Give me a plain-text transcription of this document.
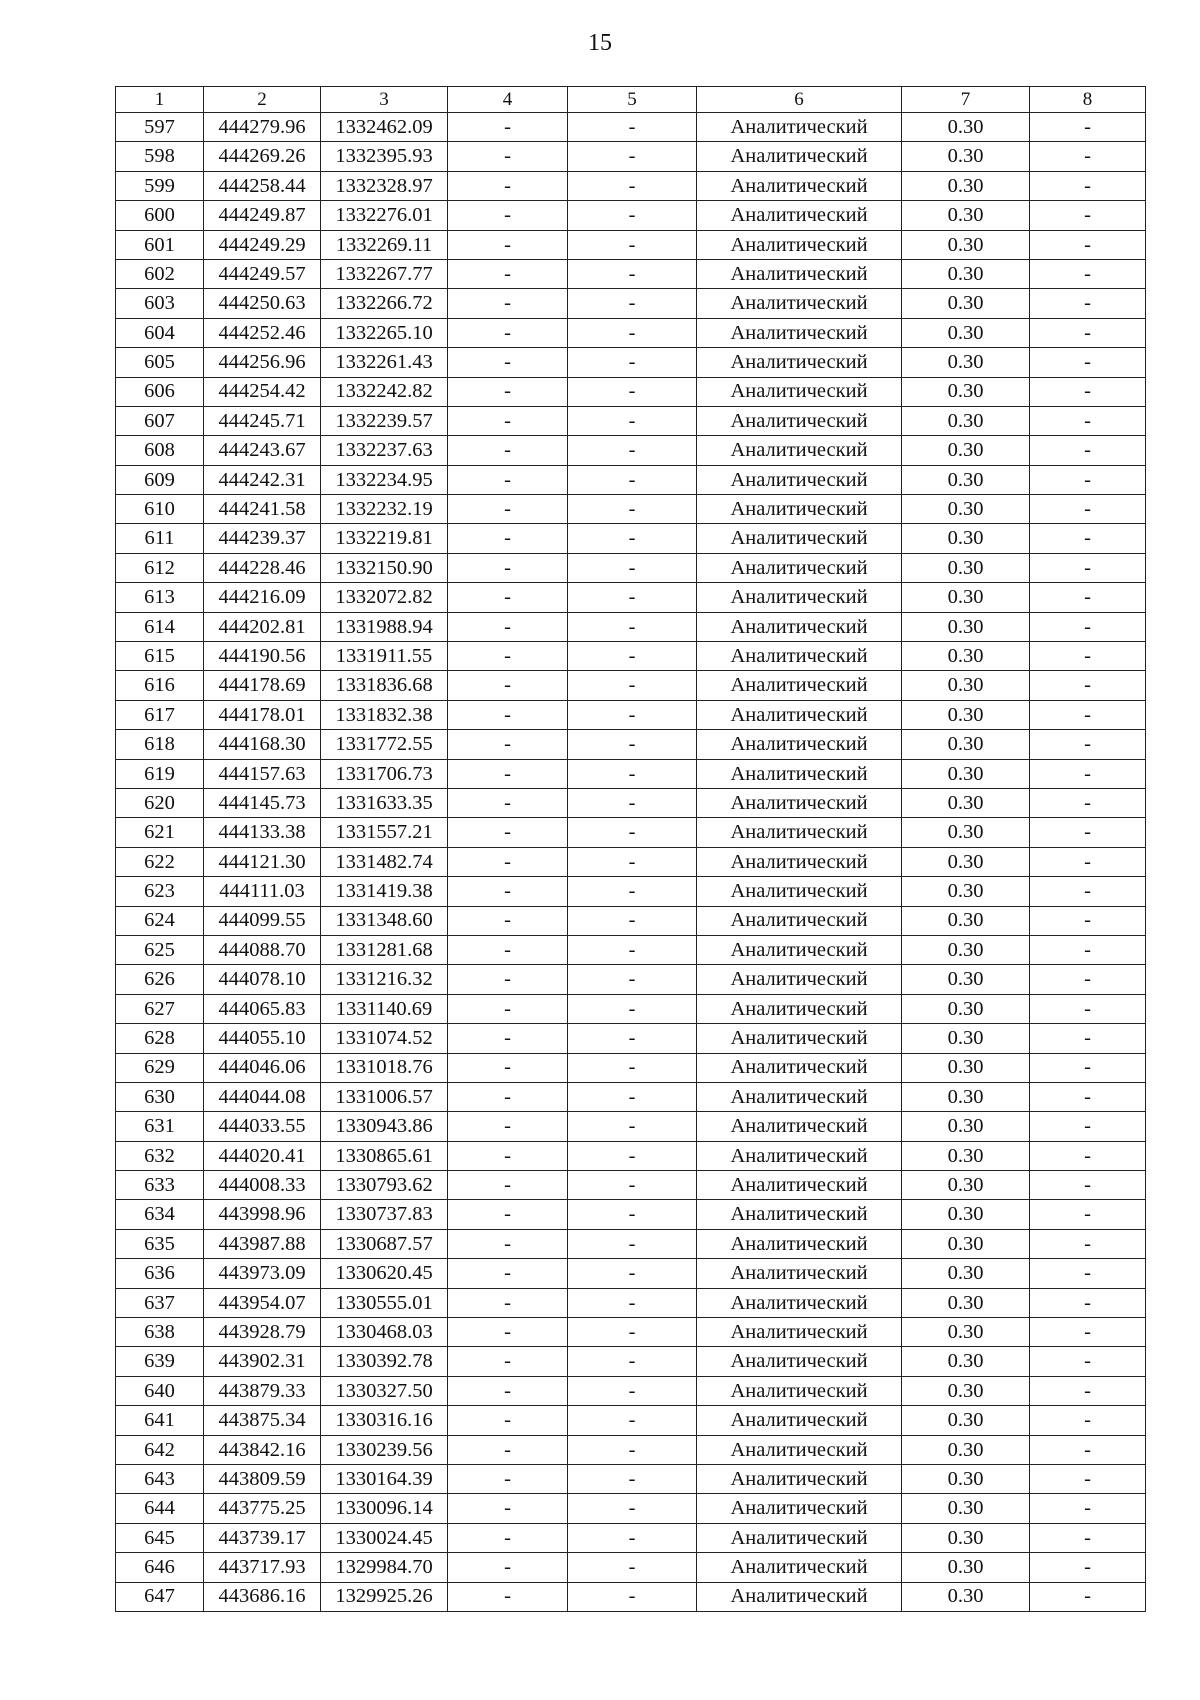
15
1	2	3	4	5	6	7	8
597	444279.96	1332462.09	-	-	Аналитический	0.30	-
598	444269.26	1332395.93	-	-	Аналитический	0.30	-
599	444258.44	1332328.97	-	-	Аналитический	0.30	-
600	444249.87	1332276.01	-	-	Аналитический	0.30	-
601	444249.29	1332269.11	-	-	Аналитический	0.30	-
602	444249.57	1332267.77	-	-	Аналитический	0.30	-
603	444250.63	1332266.72	-	-	Аналитический	0.30	-
604	444252.46	1332265.10	-	-	Аналитический	0.30	-
605	444256.96	1332261.43	-	-	Аналитический	0.30	-
606	444254.42	1332242.82	-	-	Аналитический	0.30	-
607	444245.71	1332239.57	-	-	Аналитический	0.30	-
608	444243.67	1332237.63	-	-	Аналитический	0.30	-
609	444242.31	1332234.95	-	-	Аналитический	0.30	-
610	444241.58	1332232.19	-	-	Аналитический	0.30	-
611	444239.37	1332219.81	-	-	Аналитический	0.30	-
612	444228.46	1332150.90	-	-	Аналитический	0.30	-
613	444216.09	1332072.82	-	-	Аналитический	0.30	-
614	444202.81	1331988.94	-	-	Аналитический	0.30	-
615	444190.56	1331911.55	-	-	Аналитический	0.30	-
616	444178.69	1331836.68	-	-	Аналитический	0.30	-
617	444178.01	1331832.38	-	-	Аналитический	0.30	-
618	444168.30	1331772.55	-	-	Аналитический	0.30	-
619	444157.63	1331706.73	-	-	Аналитический	0.30	-
620	444145.73	1331633.35	-	-	Аналитический	0.30	-
621	444133.38	1331557.21	-	-	Аналитический	0.30	-
622	444121.30	1331482.74	-	-	Аналитический	0.30	-
623	444111.03	1331419.38	-	-	Аналитический	0.30	-
624	444099.55	1331348.60	-	-	Аналитический	0.30	-
625	444088.70	1331281.68	-	-	Аналитический	0.30	-
626	444078.10	1331216.32	-	-	Аналитический	0.30	-
627	444065.83	1331140.69	-	-	Аналитический	0.30	-
628	444055.10	1331074.52	-	-	Аналитический	0.30	-
629	444046.06	1331018.76	-	-	Аналитический	0.30	-
630	444044.08	1331006.57	-	-	Аналитический	0.30	-
631	444033.55	1330943.86	-	-	Аналитический	0.30	-
632	444020.41	1330865.61	-	-	Аналитический	0.30	-
633	444008.33	1330793.62	-	-	Аналитический	0.30	-
634	443998.96	1330737.83	-	-	Аналитический	0.30	-
635	443987.88	1330687.57	-	-	Аналитический	0.30	-
636	443973.09	1330620.45	-	-	Аналитический	0.30	-
637	443954.07	1330555.01	-	-	Аналитический	0.30	-
638	443928.79	1330468.03	-	-	Аналитический	0.30	-
639	443902.31	1330392.78	-	-	Аналитический	0.30	-
640	443879.33	1330327.50	-	-	Аналитический	0.30	-
641	443875.34	1330316.16	-	-	Аналитический	0.30	-
642	443842.16	1330239.56	-	-	Аналитический	0.30	-
643	443809.59	1330164.39	-	-	Аналитический	0.30	-
644	443775.25	1330096.14	-	-	Аналитический	0.30	-
645	443739.17	1330024.45	-	-	Аналитический	0.30	-
646	443717.93	1329984.70	-	-	Аналитический	0.30	-
647	443686.16	1329925.26	-	-	Аналитический	0.30	-
